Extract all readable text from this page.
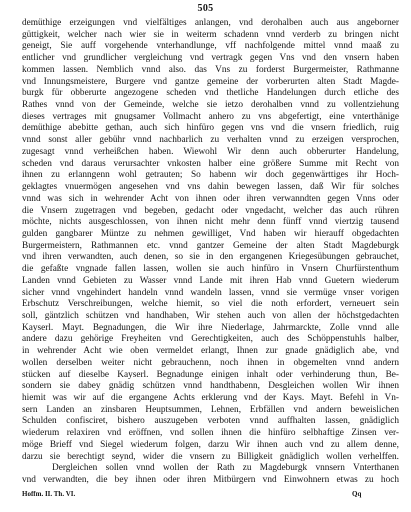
505
demüthige erzeigungen vnd vielfältiges anlangen, vnd derohalben auch aus angeborner
güttigkeit, welcher nach wier sie in weiterm schadenn vnnd verderb zu bringen nicht
geneigt, Sie auff vorgehende vnterhandlunge, vff nachfolgende mittel vnnd maaß zu
entlicher vnd grundlicher vergleichung vnd vertragk gegen Vns vnd den vnsern haben
kommen lassen. Nemblich vnnd also. das Vns zu forderst Burgermeister, Rathmanne
vnd Innungsmeistere, Burgere vnd gantze gemeine der vorberurten alten Stadt Magde-
burgk für obberurte angezogene scheden vnd thetliche Handelungen durch etliche des
Rathes vnnd von der Gemeinde, welche sie ietzo derohalben vnnd zu vollentziehung
dieses vertrages mit gnugsamer Vollmacht anhero zu vns abgefertigt, eine vnterthänige
demüthige abebitte gethan, auch sich hinfüro gegen vns vnd die vnsern friedlich, ruig
vnnd sonst aller gebühr vnnd nachbarlich zu verhalten vnnd zu erzeigen versprochen,
zugesagt vnnd verheißchen haben. Wiewohl Wir denn auch obberurter Handelung,
scheden vnd daraus verursachter vnkosten halber eine größere Summe mit Recht von
ihnen zu erlanngenn wohl getrauten; So habenn wir doch gegenwärttiges ihr Hoch-
geklagtes vnuermögen angesehen vnd vns dahin bewegen lassen, daß Wir für solches
vnnd was sich in wehrender Acht von ihnen oder ihren verwanndten gegen Vnns oder
die Vnsern zugetragen vnd begeben, gedacht oder vngedacht, welcher das auch rühren
möchte, nichts ausgeschlossen, von ihnen nicht mehr denn fünff vnnd viertzig tausend
gulden gangbarer Müntze zu nehmen gewilliget, Vnd haben wir hierauff obgedachten
Burgermeistern, Rathmannen etc. vnnd gantzer Gemeine der alten Stadt Magdeburgk
vnd ihren verwandten, auch denen, so sie in den ergangenen Kriegesübungen gebrauchet,
die gefaßte vngnade fallen lassen, wollen sie auch hinfüro in Vnsern Churfürstenthum
Landen vnnd Gebieten zu Wasser vnnd Lande mit ihren Hab vnnd Guetern wiederum
sicher vnnd vngehindert handeln vnnd wandeln lassen, vnnd sie vermüge vnser vorigen
Erbschutz Verschreibungen, welche hiemit, so viel die noth erfordert, verneuert sein
soll, gäntzlich schützen vnd handhaben, Wir stehen auch von allen der höchstgedachten
Kayserl. Mayt. Begnadungen, die Wir ihre Niederlage, Jahrmarckte, Zolle vnnd alle
andere dazu gehörige Freyheiten vnd Gerechtigkeiten, auch des Schöppenstuhls halber,
in wehrender Acht wie oben vermeldet erlangt, Ihnen zur gnade gnädiglich abe, vnd
wollen derselben weiter nicht gebrauchenn, noch ihnen in obgemelten vnnd andern
stücken auf dieselbe Kayserl. Begnadunge einigen inhalt oder verhinderung thun, Be-
sondern sie dabey gnädig schützen vnnd handthabenn, Desgleichen wollen Wir ihnen
hiemit was wir auf die ergangene Achts erklerung vnd der Kays. Mayt. Befehl in Vn-
sern Landen an zinsbaren Heuptsummen, Lehnen, Erbfällen vnd andern beweislichen
Schulden confisciret, bishero auszugeben verboten vnnd auffhalten lassen, gnädiglich
wiederum relaxiren vnd eröffnen, vnd sollen ihnen die hinfüro selbhaftige Zinsen ver-
möge Brieff vnd Siegel wiederum folgen, darzu Wir ihnen auch vnd zu allem denne,
darzu sie berechtigt seynd, wider die vnsern zu Billigkeit gnädiglich wollen verhelffen.
Dergleichen sollen vnnd wollen der Rath zu Magdeburgk vnnsern Vnterthanen
vnd verwandten, die bey ihnen oder ihren Mitbürgern vnd Einwohnern etwas zu hoch
Hoffm. II. Th. VI.	Qq
